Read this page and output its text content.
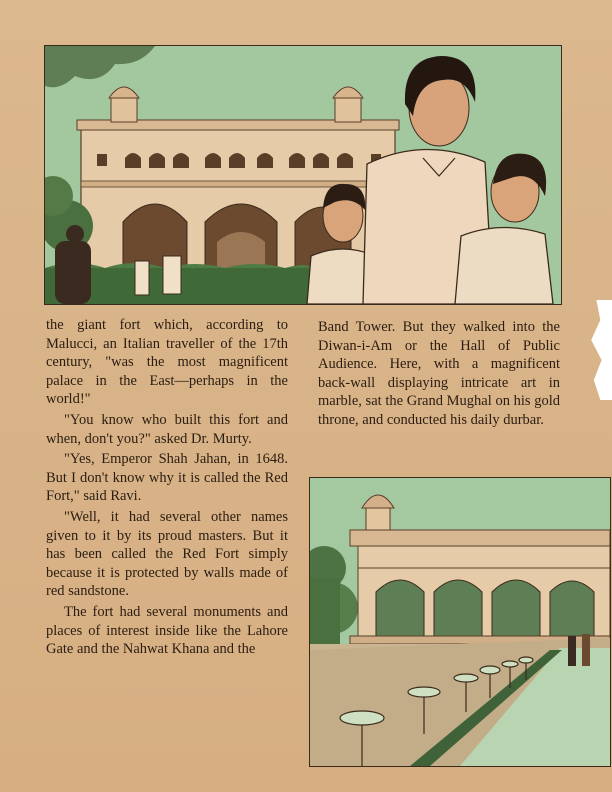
the giant fort which, according to Malucci, an Italian traveller of the 17th century, "was the most magnificent palace in the East—perhaps in the world!"

"You know who built this fort and when, don't you?" asked Dr. Murty.

"Yes, Emperor Shah Jahan, in 1648. But I don't know why it is called the Red Fort," said Ravi.

"Well, it had several other names given to it by its proud masters. But it has been called the Red Fort simply because it is protected by walls made of red sandstone.

The fort had several monuments and places of interest inside like the Lahore Gate and the Nahwat Khana and the

Band Tower. But they walked into the Diwan-i-Am or the Hall of Public Audience. Here, with a magnificent back-wall displaying intricate art in marble, sat the Grand Mughal on his gold throne, and conducted his daily durbar.
